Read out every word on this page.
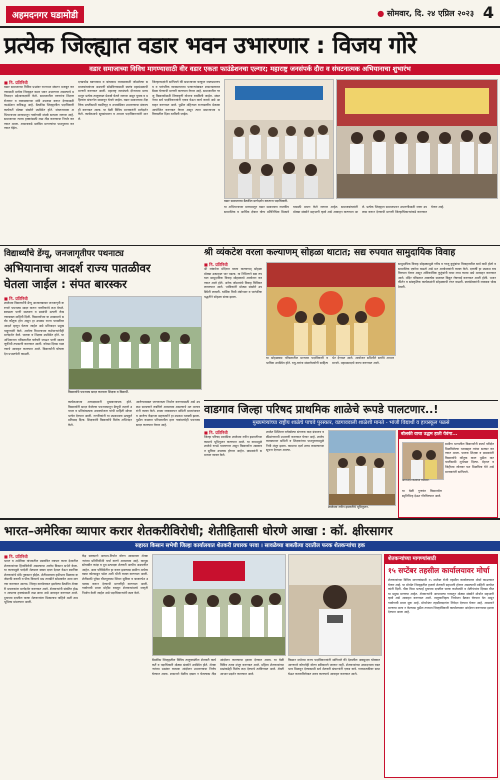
अहमदनगर घडामोडी	● सोमवार, दि. २४ एप्रिल २०२३ 4
प्रत्येक जिल्ह्यात वडार भवन उभारणार : विजय गोरे
वडार समाजाच्या विविध मागण्यासाठी वीर वडार एकता फाउंडेशनचा एल्गार; महाराष्ट्र जनसंपर्क दौरा व संघटनात्मक अभियानाचा शुभारंभ
■ नि. प्रतिनिधी
वडार समाजाच्या विविध प्रश्नांवर राज्यभर संघटन मजबूत करण्यासाठी प्रत्येक जिल्ह्यात वडार भवन उभारणार असल्याचे प्रतिपादन प्रदेशाध्यक्षांनी केले. समाजातील तरुणांना शिक्षण रोजगार व व्यवसायाच्या संधी उपलब्ध करून देण्यासाठी फाउंडेशन कटिबद्ध आहे. बैठकीस जिल्ह्यातील पदाधिकारी कार्यकर्ते मोठ्या संख्येने उपस्थित होते. संघटनात्मक अभियानाच्या माध्यमातून गावोगावी संपर्क साधला जाणार आहे. समाजाच्या न्याय्य हक्कांसाठी लढा तीव्र करण्याचा निर्धार करण्यात आला. शासनाकडे प्रलंबित मागण्यांचा पाठपुरावा करण्यात येईल.
दगडफोड खाणकाम व बांधकाम व्यवसायाशी जोडलेल्या समाजबांधवांच्या अडचणी सोडविण्यासाठी स्वतंत्र महामंडळाची मागणी करण्यात आली. महाराष्ट्र जनसंपर्क दौऱ्याच्या माध्यमातून प्रत्येक तालुक्यात मेळावे घेतले जाणार असून युवक व महिलांना संघटनेत सामावून घेतले जाईल. वडार समाजाच्या शैक्षणिक प्रगतीसाठी वसतिगृह व अभ्यासिका उभारण्याचा संकल्पही करण्यात आला. या वेळी विविध मान्यवरांनी मार्गदर्शन केले. कार्यक्रमाचे सूत्रसंचालन व आभार पदाधिकाऱ्यांनी मानले.
जिल्हाध्यक्षांनी सांगितले की समाजाच्या घरकुल जातप्रमाणपत्र व पारंपरिक व्यवसायाच्या परवान्यांबाबत शासनस्तरावर बैठक घेण्याची मागणी करण्यात येणार आहे. समाजातील गरजू विद्यार्थ्यांसाठी शिष्यवृत्ती योजना राबविली जाईल. संघटनेच्या सर्व पदाधिकाऱ्यांनी एकत्र येऊन कार्य करावे असे आवाहन करण्यात आले. पुढील महिन्यात राज्यस्तरीय मेळावा आयोजित करण्यात येणार असून त्यात समाजाच्या भविष्यातील दिशा ठरविली जाईल.
वडार समाजाच्या बैठकीत मार्गदर्शन करताना पदाधिकारी.
या अभियानाच्या माध्यमातून वडार समाजाला राजकीय सामाजिक व आर्थिक क्षेत्रात योग्य प्रतिनिधित्व मिळावे यासाठी प्रयत्न केले जाणार आहेत. समाजबांधवांनी मोठ्या संख्येने सहभागी व्हावे असे आवाहन करण्यात आले. प्रत्येक जिल्ह्यात समाजभवन उभारणीसाठी जागा उपलब्ध करून देण्याची मागणी जिल्हाधिकाऱ्यांकडे करण्यात येणार आहे.
विद्यार्थ्यांचे डेंग्यू, जनजागृतीपर पथनाट्य
अभियानाचा आदर्श राज्य पातळीवर
घेतला जाईल : संपत बारस्कर
■ नि. प्रतिनिधी
शाळेच्या विद्यार्थ्यांनी डेंग्यू आजाराबाबत जनजागृती करणारे पथनाट्य सादर करून नागरिकांचे लक्ष वेधले. स्वच्छता पाणी साठवण व डासांची उत्पत्ती रोखण्याबाबत माहिती दिली. विद्यार्थ्यांच्या या उपक्रमाचे सर्वत्र कौतुक होत असून हा उपक्रम राज्य पातळीवर आदर्श म्हणून घेतला जाईल असे प्रतिपादन प्रमुख पाहुण्यांनी केले. आरोग्य विभागाच्या कर्मचाऱ्यांनीही मार्गदर्शन केले. पालक व शिक्षक उपस्थित होते. या अभियानात परिसरातील घरोघरी जाऊन पाणी साठवणुकीची तपासणी करण्यात आली. कोरडा दिवस पाळण्याचे आवाहन करण्यात आले. विद्यार्थ्यांनी घोषणा देत प्रभातफेरी काढली.
विद्यार्थ्यांचे पथनाट्य सादर करताना शिक्षक व विद्यार्थी.
कार्यक्रमाच्या अध्यक्षस्थानी मुख्याध्यापक होते. विद्यार्थ्यांनी सादर केलेल्या पथनाट्यातून डेंग्यूची लक्षणे उपचार व प्रतिबंधात्मक उपाययोजना यांची माहिती सोप्या भाषेत देण्यात आली. नागरिकांनी या उपक्रमाला उत्स्फूर्त प्रतिसाद दिला. शिक्षकांनी विद्यार्थ्यांचे विशेष अभिनंदन केले.
आरोग्याबाबत जागरूकता निर्माण करण्यासाठी असे उपक्रम सातत्याने राबविणे आवश्यक असल्याचे मत मान्यवरांनी व्यक्त केले. शाळा व्यवस्थापन समिती ग्रामपंचायत व आरोग्य केंद्राच्या सहकार्याने हा उपक्रम यशस्वी झाला. पुढील काळात परिसरातील इतर गावांमध्येही पथनाट्य सादर करण्यात येणार आहे.
श्री व्यंकटेश वरला कल्याणम् सोहळा थाटात; सद्य रुपयात सामुदायिक विवाह
■ नि. प्रतिनिधी
श्री व्यंकटेश मंदिरात वरला कल्याणम् सोहळा मोठ्या उत्साहात पार पडला. या निमित्ताने सद्य रुपयात सामुदायिक विवाह सोहळ्याचे आयोजन करण्यात आले होते. अनेक जोडप्यांचे विवाह विधिवत लावण्यात आले. भाविकांनी मोठ्या संख्येने उपस्थिती लावली. धार्मिक विधी मंत्रोच्चार व पारंपरिक पद्धतीने सोहळा संपन्न झाला.
या सोहळ्यास परिसरातील मान्यवर पदाधिकारी व भाविक उपस्थित होते. वधू-वरांना संसारोपयोगी साहित्य भेट देण्यात आले. आयोजन समितीने सर्वांचे आभार मानले. महाप्रसादाचे वाटप करण्यात आले.
सामुदायिक विवाह सोहळ्यामुळे गरीब व गरजू कुटुंबांचा विवाहावरील खर्च कमी होतो व सामाजिक एकोपा वाढतो असे मत आयोजकांनी व्यक्त केले. दरवर्षी हा उपक्रम राबविण्यात येणार असून अधिकाधिक कुटुंबांनी याचा लाभ घ्यावा असे आवाहन करण्यात आले. मंदिर परिसरात आकर्षक सजावट विद्युत रोषणाई करण्यात आली होती. भजन कीर्तन व सांस्कृतिक कार्यक्रमांनी सोहळ्याची रंगत वाढली. स्वयंसेवकांनी व्यवस्था चोख ठेवली.
वाडगाव जिल्हा परिषद प्राथमिक शाळेचे रूपडे पालटणार..!
मुख्यमंत्र्यांच्या राष्ट्रीय शाळेचे पाचवे पुरस्कार, वडगाववाली शाळेशी मानते - भांजी विद्यार्थी व हायस्कूल पळसे
■ नि. प्रतिनिधी
जिल्हा परिषद प्राथमिक शाळेच्या नवीन इमारतीच्या कामाचे भूमिपूजन करण्यात आले. या कामामुळे शाळेचे रूपडे पालटणार असून विद्यार्थ्यांना अद्ययावत सुविधा उपलब्ध होणार आहेत. ग्रामस्थांनी समाधान व्यक्त केले.
शाळेत डिजिटल वर्गखोल्या संगणक कक्ष ग्रंथालय व क्रीडांगणाची उभारणी करण्यात येणार आहे. शालेय व्यवस्थापन समिती व शिक्षकांच्या पाठपुराव्यामुळे निधी मंजूर झाला. कामाचा दर्जा उत्तम राखण्याच्या सूचना देण्यात आल्या.
शाळेच्या नवीन इमारतीचे भूमिपूजन.
बोलकी वाचा उद्धम हाती येवंगा...
अभिनंदन करताना मान्यवर.
ग्रामीण भागातील विद्यार्थ्यांनी स्पर्धा परीक्षेत मिळविलेल्या यशाबद्दल त्यांचा सत्कार करण्यात आला. पालक शिक्षक व ग्रामस्थांनी विद्यार्थ्यांचे कौतुक करत पुढील वाटचालीसाठी शुभेच्छा दिल्या. मेहनत व जिद्दीच्या जोरावर यश मिळविता येते असे मान्यवरांनी सांगितले.
या वेळी गुणवंत विद्यार्थ्यांना स्मृतिचिन्ह देऊन गौरविण्यात आले.
भारत–अमेरिका व्यापार करार शेतकरीविरोधी; शेतीहितासी धोरणे आखा : कॉ. क्षीरसागर
सहारत किसान सभेची जिल्हा कार्यालयात शेतकरी प्रचारक परवा । सावळेच्या बाबतीत्या दरातील फरक शेतकऱ्यांचा हक
■ नि. प्रतिनिधी
भारत व अमेरिका यांच्यातील प्रस्तावित व्यापार करार देशातील शेतकऱ्यांच्या हिताविरोधी असल्याचा आरोप किसान सभेने केला. या करारामुळे परदेशी शेतमाल स्वस्त दरात देशात येऊन स्थानिक शेतकऱ्यांचे मोठे नुकसान होईल. शेतीमालाला हमीभाव मिळावा कर्जमाफी करावी व पीक विम्याचे प्रश्न तातडीने सोडवावेत अशा मागण्या करण्यात आल्या. जिल्हा कार्यालयात झालेल्या बैठकीत शेतकरी प्रचारकांना मार्गदर्शन करण्यात आले. शेतकऱ्यांनी संघटित होऊन आपल्या हक्कांसाठी लढा द्यावा असे आवाहन करण्यात आले. दुधाच्या दरातील फरक शेतकऱ्यांना मिळालाच पाहिजे अशी ठाम भूमिका मांडण्यात आली.
केंद्र सरकारने आयात-निर्यात धोरण आखताना शेतकऱ्यांच्या प्रतिनिधींशी चर्चा करणे आवश्यक आहे. कापूस सोयाबीन कांदा व दूध उत्पादक शेतकरी आधीच अडचणीत आहेत. अशा परिस्थितीत हा करार झाल्यास ग्रामीण अर्थव्यवस्था कोलमडून पडेल अशी भीती व्यक्त करण्यात आली. शेतीसाठी पुरेसा वीजपुरवठा सिंचन सुविधा व बाजारपेठ उपलब्ध करून देण्याची मागणीही करण्यात आली. गावोगावी प्रचार मोहीम राबवून शेतकऱ्यांमध्ये जागृती निर्माण केली जाईल असे पदाधिकाऱ्यांनी स्पष्ट केले.
बैठकीस जिल्ह्यातील विविध तालुक्यांतील शेतकरी कार्यकर्ते व पदाधिकारी मोठ्या संख्येने उपस्थित होते. शेतकऱ्यांच्या प्रश्नांवर व्यापक आंदोलन उभारण्याचा निर्णय घेण्यात आला. शासनाने वेळीच दखल न घेतल्यास तीव्र आंदोलन करण्याचा इशारा देण्यात आला. या वेळी विविध ठराव मंजूर करण्यात आले. महिला शेतकऱ्यांच्या प्रश्नांकडेही विशेष लक्ष देण्याचे ठरविण्यात आले. शेवटी आभार प्रदर्शन करण्यात आले.
किसान सभेच्या राज्य पदाधिकाऱ्यांनी सांगितले की देशातील अन्नसुरक्षा धोक्यात आणणारे कोणतेही धोरण स्वीकारले जाणार नाही. शेतकऱ्यांच्या उत्पादनाला रास्त भाव मिळवून देण्यासाठी सर्व शेतकरी संघटनांनी एकत्र यावे. गावपातळीवर सभा घेऊन कराराविरोधात ठराव करण्याचे आवाहन करण्यात आले.
शेतकऱ्यांच्या मागण्यांसाठी
१५ सप्टेंबर तहसील कार्यालयावर मोर्चा
शेतकऱ्यांच्या विविध मागण्यांसाठी १५ सप्टेंबर रोजी तहसील कार्यालयावर मोर्चा काढण्यात येणार आहे. या मोर्चात जिल्ह्यातील हजारो शेतकरी सहभागी होणार असल्याची माहिती आयोजकांनी दिली. पीक विमा भरपाई दुधाच्या दरातील फरक कर्जमाफी व शेतीपंपांना दिवसा वीज या प्रमुख मागण्या आहेत. शेतकऱ्यांनी आपापल्या गावातून मोठ्या संख्येने मोर्चात सहभागी व्हावे असे आवाहन करण्यात आले. तालुकानिहाय नियोजन बैठका घेण्यात येत असून गावोगावी प्रचार सुरू आहे. मोर्चानंतर तहसीलदारांना निवेदन देण्यात येणार आहे. शासनाने मागण्या मान्य न केल्यास पुढील टप्प्यात जिल्हाधिकारी कार्यालयावर आंदोलन करण्याचा इशारा देण्यात आला आहे.
